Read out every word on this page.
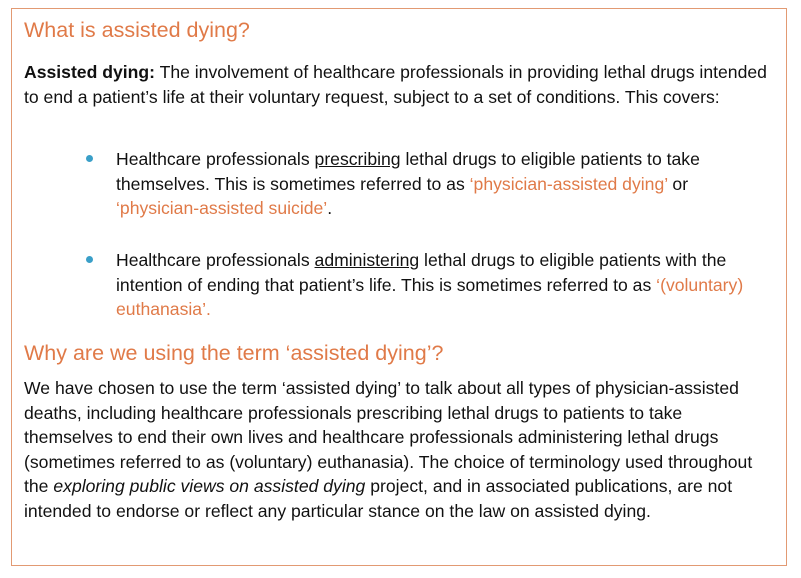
What is assisted dying?

Assisted dying: The involvement of healthcare professionals in providing lethal drugs intended to end a patient’s life at their voluntary request, subject to a set of conditions. This covers:

Healthcare professionals prescribing lethal drugs to eligible patients to take themselves. This is sometimes referred to as ‘physician-assisted dying’ or ‘physician-assisted suicide’.

Healthcare professionals administering lethal drugs to eligible patients with the intention of ending that patient’s life. This is sometimes referred to as ‘(voluntary) euthanasia’.

Why are we using the term ‘assisted dying’?

We have chosen to use the term ‘assisted dying’ to talk about all types of physician-assisted deaths, including healthcare professionals prescribing lethal drugs to patients to take themselves to end their own lives and healthcare professionals administering lethal drugs (sometimes referred to as (voluntary) euthanasia). The choice of terminology used throughout the exploring public views on assisted dying project, and in associated publications, are not intended to endorse or reflect any particular stance on the law on assisted dying.
